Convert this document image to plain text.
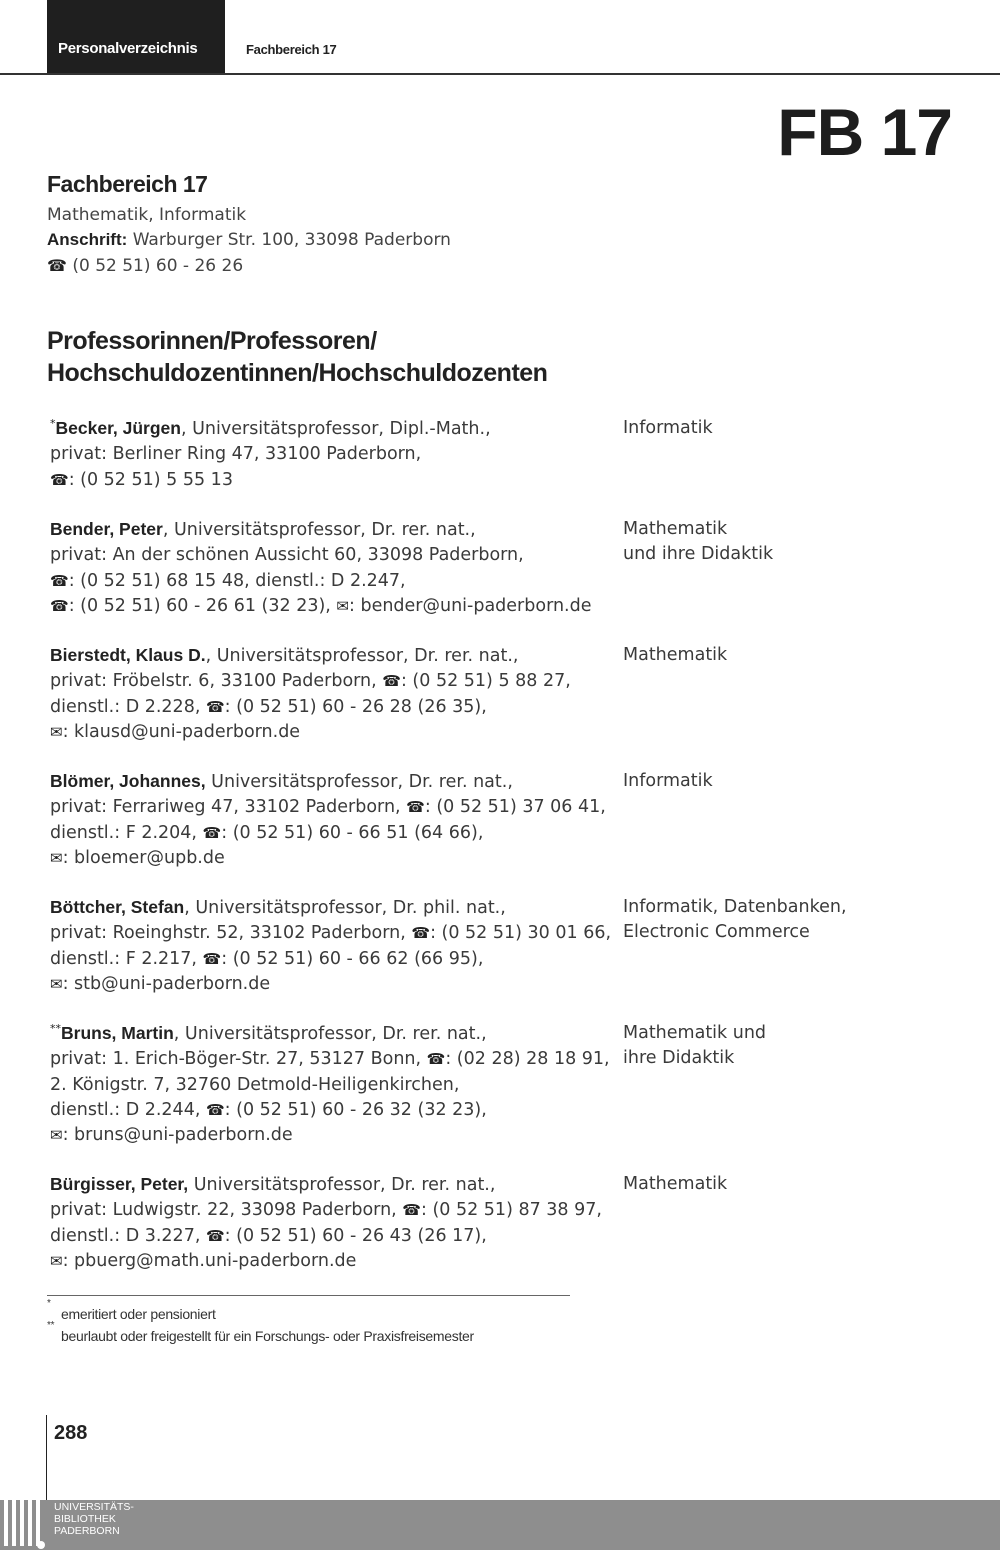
Personalverzeichnis	Fachbereich 17
FB 17
Fachbereich 17
Mathematik, Informatik
Anschrift: Warburger Str. 100, 33098 Paderborn
☎ (0 52 51) 60 - 26 26
Professorinnen/Professoren/
Hochschuldozentinnen/Hochschuldozenten
*Becker, Jürgen, Universitätsprofessor, Dipl.-Math.,
privat: Berliner Ring 47, 33100 Paderborn,
☎: (0 52 51) 5 55 13
Informatik
Bender, Peter, Universitätsprofessor, Dr. rer. nat.,
privat: An der schönen Aussicht 60, 33098 Paderborn,
☎: (0 52 51) 68 15 48, dienstl.: D 2.247,
☎: (0 52 51) 60 - 26 61 (32 23), ✉: bender@uni-paderborn.de
Mathematik
und ihre Didaktik
Bierstedt, Klaus D., Universitätsprofessor, Dr. rer. nat.,
privat: Fröbelstr. 6, 33100 Paderborn, ☎: (0 52 51) 5 88 27,
dienstl.: D 2.228, ☎: (0 52 51) 60 - 26 28 (26 35),
✉: klausd@uni-paderborn.de
Mathematik
Blömer, Johannes, Universitätsprofessor, Dr. rer. nat.,
privat: Ferrariweg 47, 33102 Paderborn, ☎: (0 52 51) 37 06 41,
dienstl.: F 2.204, ☎: (0 52 51) 60 - 66 51 (64 66),
✉: bloemer@upb.de
Informatik
Böttcher, Stefan, Universitätsprofessor, Dr. phil. nat.,
privat: Roeinghstr. 52, 33102 Paderborn, ☎: (0 52 51) 30 01 66,
dienstl.: F 2.217, ☎: (0 52 51) 60 - 66 62 (66 95),
✉: stb@uni-paderborn.de
Informatik, Datenbanken,
Electronic Commerce
**Bruns, Martin, Universitätsprofessor, Dr. rer. nat.,
privat: 1. Erich-Böger-Str. 27, 53127 Bonn, ☎: (02 28) 28 18 91,
2. Königstr. 7, 32760 Detmold-Heiligenkirchen,
dienstl.: D 2.244, ☎: (0 52 51) 60 - 26 32 (32 23),
✉: bruns@uni-paderborn.de
Mathematik und
ihre Didaktik
Bürgisser, Peter, Universitätsprofessor, Dr. rer. nat.,
privat: Ludwigstr. 22, 33098 Paderborn, ☎: (0 52 51) 87 38 97,
dienstl.: D 3.227, ☎: (0 52 51) 60 - 26 43 (26 17),
✉: pbuerg@math.uni-paderborn.de
Mathematik
*
emeritiert oder pensioniert
**
beurlaubt oder freigestellt für ein Forschungs- oder Praxisfreisemester
288
UNIVERSITÄTS-
BIBLIOTHEK
PADERBORN
